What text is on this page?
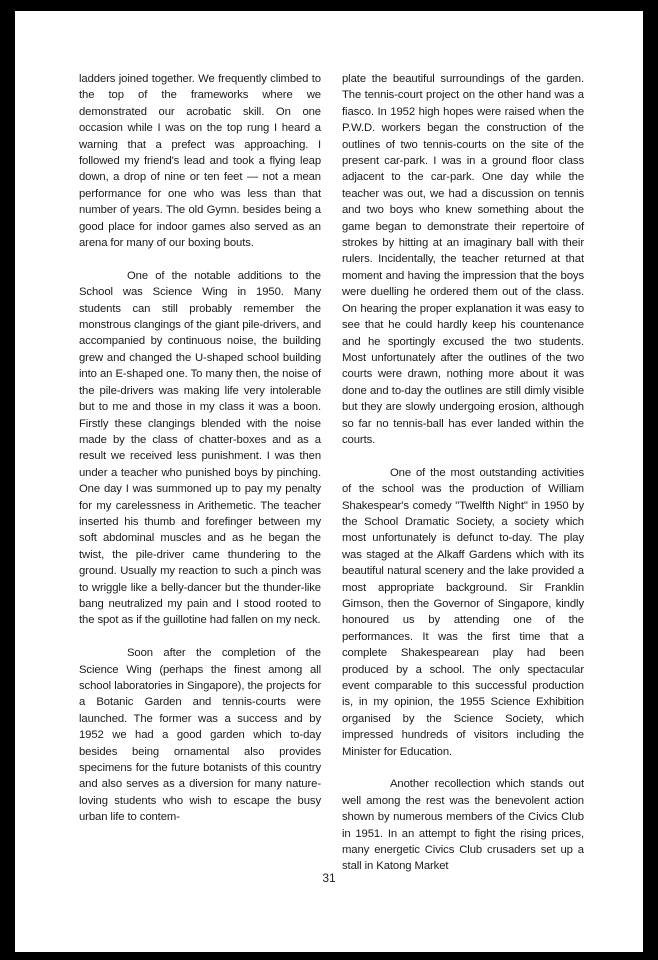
ladders joined together. We frequently climbed to the top of the frameworks where we demonstrated our acrobatic skill. On one occasion while I was on the top rung I heard a warning that a prefect was approaching. I followed my friend's lead and took a flying leap down, a drop of nine or ten feet — not a mean performance for one who was less than that number of years. The old Gymn. besides being a good place for indoor games also served as an arena for many of our boxing bouts.

One of the notable additions to the School was Science Wing in 1950. Many students can still probably remember the monstrous clangings of the giant pile-drivers, and accompanied by continuous noise, the building grew and changed the U-shaped school building into an E-shaped one. To many then, the noise of the pile-drivers was making life very intolerable but to me and those in my class it was a boon. Firstly these clangings blended with the noise made by the class of chatter-boxes and as a result we received less punishment. I was then under a teacher who punished boys by pinching. One day I was summoned up to pay my penalty for my carelessness in Arithemetic. The teacher inserted his thumb and forefinger between my soft abdominal muscles and as he began the twist, the pile-driver came thundering to the ground. Usually my reaction to such a pinch was to wriggle like a belly-dancer but the thunder-like bang neutralized my pain and I stood rooted to the spot as if the guillotine had fallen on my neck.

Soon after the completion of the Science Wing (perhaps the finest among all school laboratories in Singapore), the projects for a Botanic Garden and tennis-courts were launched. The former was a success and by 1952 we had a good garden which to-day besides being ornamental also provides specimens for the future botanists of this country and also serves as a diversion for many nature-loving students who wish to escape the busy urban life to contem-

plate the beautiful surroundings of the garden. The tennis-court project on the other hand was a fiasco. In 1952 high hopes were raised when the P.W.D. workers began the construction of the outlines of two tennis-courts on the site of the present car-park. I was in a ground floor class adjacent to the car-park. One day while the teacher was out, we had a discussion on tennis and two boys who knew something about the game began to demonstrate their repertoire of strokes by hitting at an imaginary ball with their rulers. Incidentally, the teacher returned at that moment and having the impression that the boys were duelling he ordered them out of the class. On hearing the proper explanation it was easy to see that he could hardly keep his countenance and he sportingly excused the two students. Most unfortunately after the outlines of the two courts were drawn, nothing more about it was done and to-day the outlines are still dimly visible but they are slowly undergoing erosion, although so far no tennis-ball has ever landed within the courts.

One of the most outstanding activities of the school was the production of William Shakespear's comedy "Twelfth Night" in 1950 by the School Dramatic Society, a society which most unfortunately is defunct to-day. The play was staged at the Alkaff Gardens which with its beautiful natural scenery and the lake provided a most appropriate background. Sir Franklin Gimson, then the Governor of Singapore, kindly honoured us by attending one of the performances. It was the first time that a complete Shakespearean play had been produced by a school. The only spectacular event comparable to this successful production is, in my opinion, the 1955 Science Exhibition organised by the Science Society, which impressed hundreds of visitors including the Minister for Education.

Another recollection which stands out well among the rest was the benevolent action shown by numerous members of the Civics Club in 1951. In an attempt to fight the rising prices, many energetic Civics Club crusaders set up a stall in Katong Market

31
